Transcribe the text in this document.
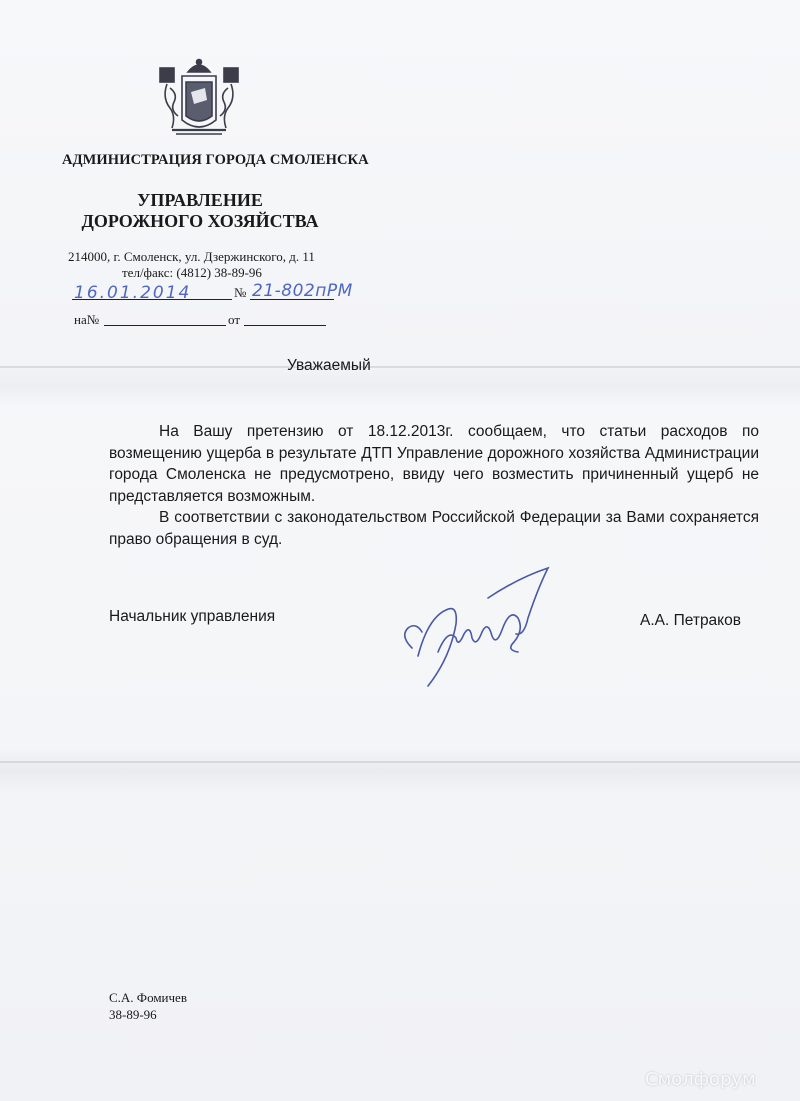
АДМИНИСТРАЦИЯ ГОРОДА СМОЛЕНСКА
УПРАВЛЕНИЕ
ДОРОЖНОГО ХОЗЯЙСТВА
214000, г. Смоленск, ул. Дзержинского, д. 11
тел/факс: (4812) 38-89-96
16.01.2014	№ 21-802пРМ
на№	от
Уважаемый

На Вашу претензию от 18.12.2013г. сообщаем, что статьи расходов по возмещению ущерба в результате ДТП Управление дорожного хозяйства Администрации города Смоленска не предусмотрено, ввиду чего возместить причиненный ущерб не представляется возможным.

В соответствии с законодательством Российской Федерации за Вами сохраняется право обращения в суд.

Начальник управления	А.А. Петраков
С.А. Фомичев
38-89-96
Смолфорум
